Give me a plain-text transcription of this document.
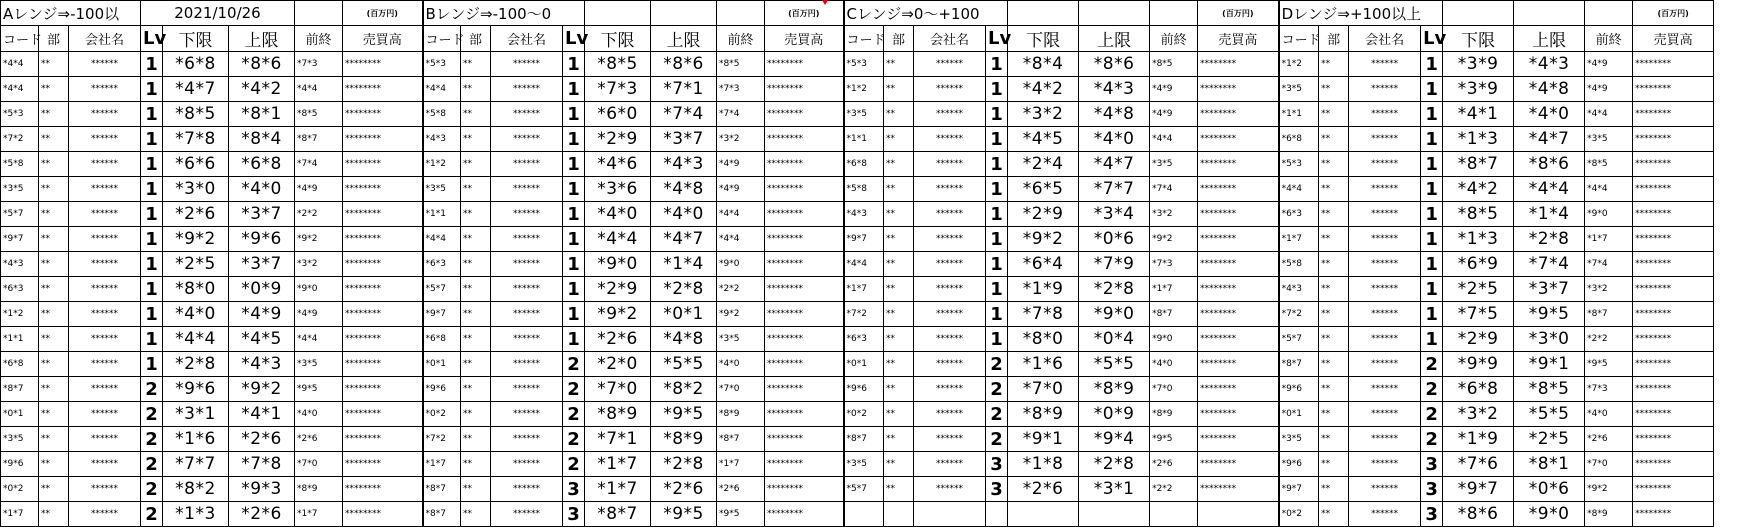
Aレンジ⇒-100以			2021/10/26				(百万円)	Bレンジ⇒-100〜0							(百万円)	Cレンジ⇒0〜+100							(百万円)	Dレンジ⇒+100以上							(百万円)
コード	部	会社名	Lv	下限	上限	前終	売買高	コード	部	会社名	Lv	下限	上限	前終	売買高	コード	部	会社名	Lv	下限	上限	前終	売買高	コード	部	会社名	Lv	下限	上限	前終	売買高
*4*4	**	******	1	*6*8	*8*6	*7*3	********	*5*3	**	******	1	*8*5	*8*6	*8*5	********	*5*3	**	******	1	*8*4	*8*6	*8*5	********	*1*2	**	******	1	*3*9	*4*3	*4*9	********
*4*4	**	******	1	*4*7	*4*2	*4*4	********	*4*4	**	******	1	*7*3	*7*1	*7*3	********	*1*2	**	******	1	*4*2	*4*3	*4*9	********	*3*5	**	******	1	*3*9	*4*8	*4*9	********
*5*3	**	******	1	*8*5	*8*1	*8*5	********	*5*8	**	******	1	*6*0	*7*4	*7*4	********	*3*5	**	******	1	*3*2	*4*8	*4*9	********	*1*1	**	******	1	*4*1	*4*0	*4*4	********
*7*2	**	******	1	*7*8	*8*4	*8*7	********	*4*3	**	******	1	*2*9	*3*7	*3*2	********	*1*1	**	******	1	*4*5	*4*0	*4*4	********	*6*8	**	******	1	*1*3	*4*7	*3*5	********
*5*8	**	******	1	*6*6	*6*8	*7*4	********	*1*2	**	******	1	*4*6	*4*3	*4*9	********	*6*8	**	******	1	*2*4	*4*7	*3*5	********	*5*3	**	******	1	*8*7	*8*6	*8*5	********
*3*5	**	******	1	*3*0	*4*0	*4*9	********	*3*5	**	******	1	*3*6	*4*8	*4*9	********	*5*8	**	******	1	*6*5	*7*7	*7*4	********	*4*4	**	******	1	*4*2	*4*4	*4*4	********
*5*7	**	******	1	*2*6	*3*7	*2*2	********	*1*1	**	******	1	*4*0	*4*0	*4*4	********	*4*3	**	******	1	*2*9	*3*4	*3*2	********	*6*3	**	******	1	*8*5	*1*4	*9*0	********
*9*7	**	******	1	*9*2	*9*6	*9*2	********	*4*4	**	******	1	*4*4	*4*7	*4*4	********	*9*7	**	******	1	*9*2	*0*6	*9*2	********	*1*7	**	******	1	*1*3	*2*8	*1*7	********
*4*3	**	******	1	*2*5	*3*7	*3*2	********	*6*3	**	******	1	*9*0	*1*4	*9*0	********	*4*4	**	******	1	*6*4	*7*9	*7*3	********	*5*8	**	******	1	*6*9	*7*4	*7*4	********
*6*3	**	******	1	*8*0	*0*9	*9*0	********	*5*7	**	******	1	*2*9	*2*8	*2*2	********	*1*7	**	******	1	*1*9	*2*8	*1*7	********	*4*3	**	******	1	*2*5	*3*7	*3*2	********
*1*2	**	******	1	*4*0	*4*9	*4*9	********	*9*7	**	******	1	*9*2	*0*1	*9*2	********	*7*2	**	******	1	*7*8	*9*0	*8*7	********	*7*2	**	******	1	*7*5	*9*5	*8*7	********
*1*1	**	******	1	*4*4	*4*5	*4*4	********	*6*8	**	******	1	*2*6	*4*8	*3*5	********	*6*3	**	******	1	*8*0	*0*4	*9*0	********	*5*7	**	******	1	*2*9	*3*0	*2*2	********
*6*8	**	******	1	*2*8	*4*3	*3*5	********	*0*1	**	******	2	*2*0	*5*5	*4*0	********	*0*1	**	******	2	*1*6	*5*5	*4*0	********	*8*7	**	******	2	*9*9	*9*1	*9*5	********
*8*7	**	******	2	*9*6	*9*2	*9*5	********	*9*6	**	******	2	*7*0	*8*2	*7*0	********	*9*6	**	******	2	*7*0	*8*9	*7*0	********	*9*6	**	******	2	*6*8	*8*5	*7*3	********
*0*1	**	******	2	*3*1	*4*1	*4*0	********	*0*2	**	******	2	*8*9	*9*5	*8*9	********	*0*2	**	******	2	*8*9	*0*9	*8*9	********	*0*1	**	******	2	*3*2	*5*5	*4*0	********
*3*5	**	******	2	*1*6	*2*6	*2*6	********	*7*2	**	******	2	*7*1	*8*9	*8*7	********	*8*7	**	******	2	*9*1	*9*4	*9*5	********	*3*5	**	******	2	*1*9	*2*5	*2*6	********
*9*6	**	******	2	*7*7	*7*8	*7*0	********	*1*7	**	******	2	*1*7	*2*8	*1*7	********	*3*5	**	******	3	*1*8	*2*8	*2*6	********	*9*6	**	******	3	*7*6	*8*1	*7*0	********
*0*2	**	******	2	*8*2	*9*3	*8*9	********	*8*7	**	******	3	*1*7	*2*6	*2*6	********	*5*7	**	******	3	*2*6	*3*1	*2*2	********	*9*7	**	******	3	*9*7	*0*6	*9*2	********
*1*7	**	******	2	*1*3	*2*6	*1*7	********	*8*7	**	******	3	*8*7	*9*5	*9*5	********									*0*2	**	******	3	*8*6	*9*0	*8*9	********
